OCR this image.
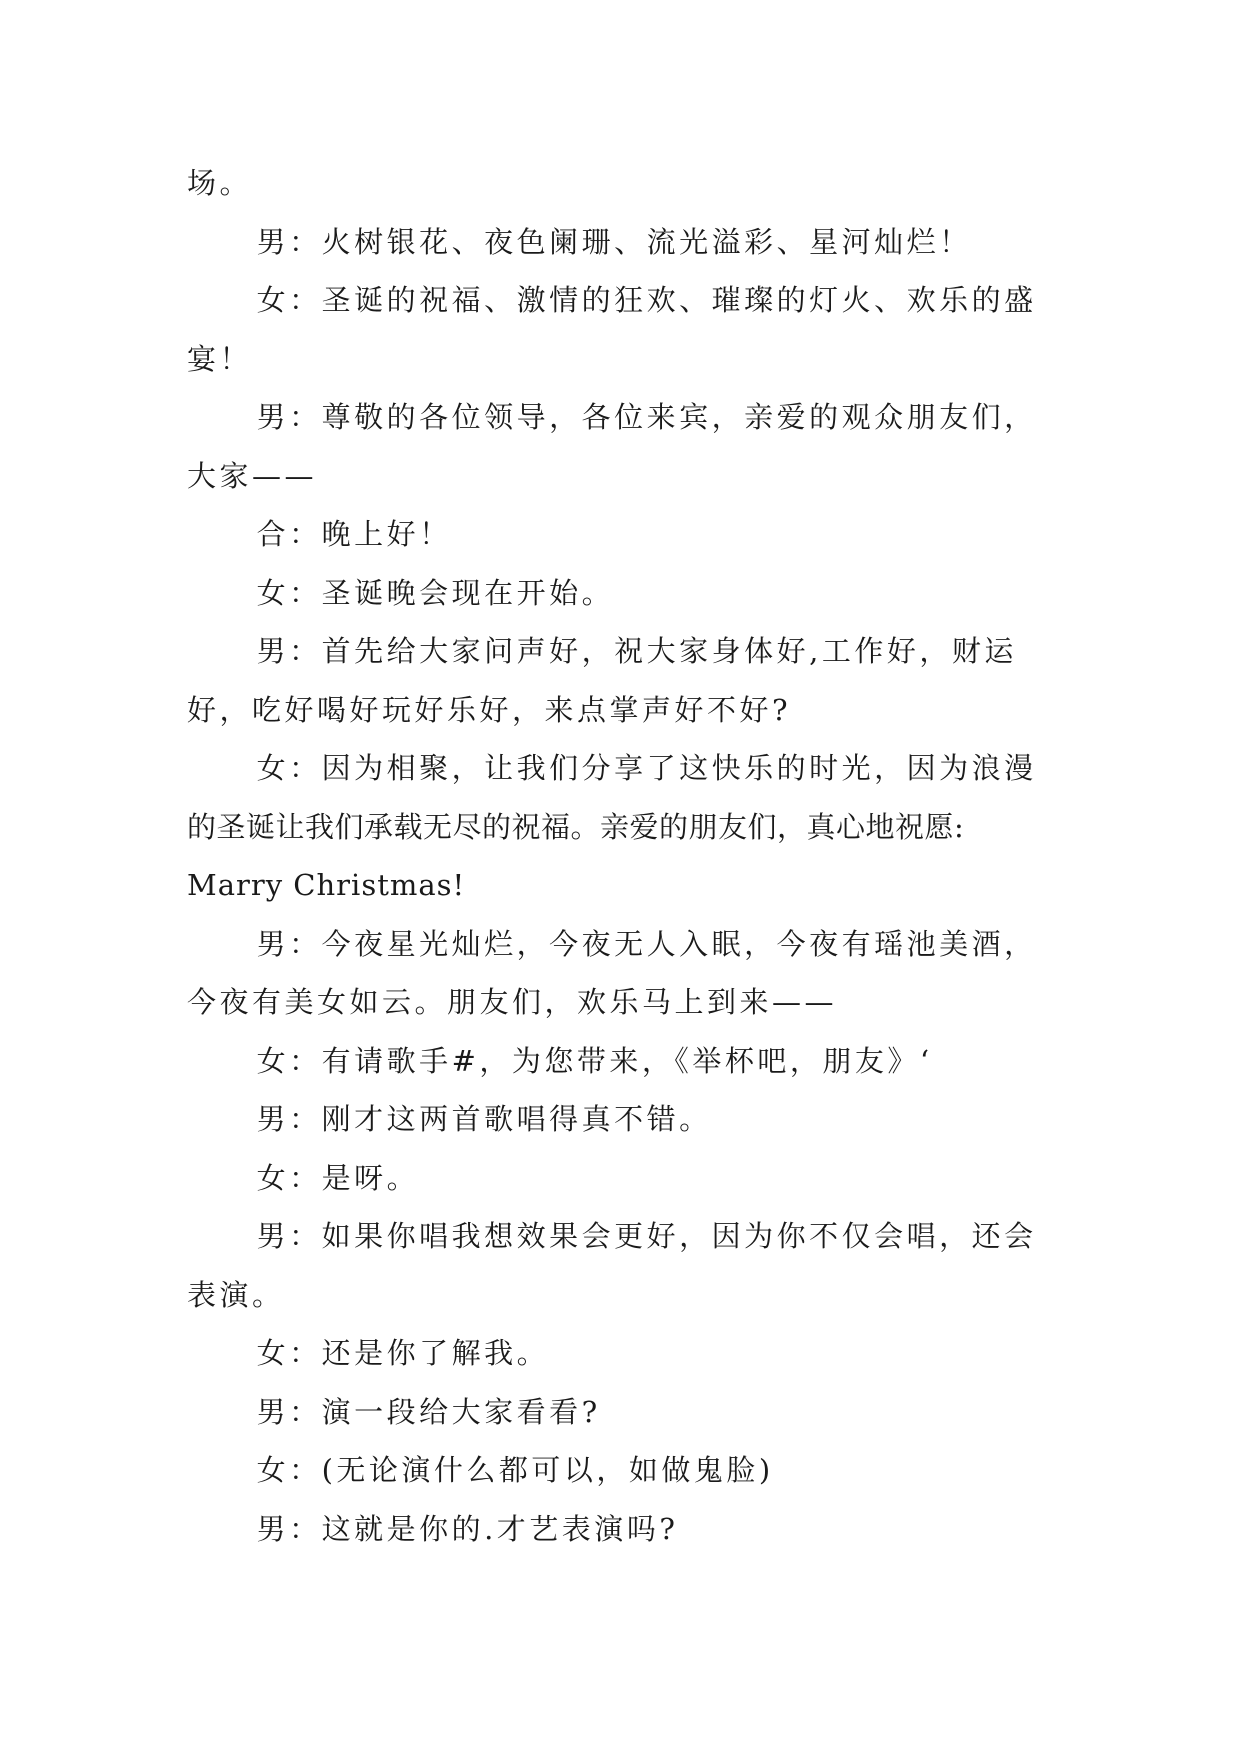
场。

男：火树银花、夜色阑珊、流光溢彩、星河灿烂！

女：圣诞的祝福、激情的狂欢、璀璨的灯火、欢乐的盛

宴！

男：尊敬的各位领导，各位来宾，亲爱的观众朋友们，

大家——

合：晚上好！

女：圣诞晚会现在开始。

男：首先给大家问声好，祝大家身体好,工作好，财运

好，吃好喝好玩好乐好，来点掌声好不好?

女：因为相聚，让我们分享了这快乐的时光，因为浪漫

的圣诞让我们承载无尽的祝福。亲爱的朋友们，真心地祝愿:

Marry Christmas!

男：今夜星光灿烂，今夜无人入眠，今夜有瑶池美酒，

今夜有美女如云。朋友们，欢乐马上到来——

女：有请歌手#，为您带来，《举杯吧，朋友》‘

男：刚才这两首歌唱得真不错。

女：是呀。

男：如果你唱我想效果会更好，因为你不仅会唱，还会

表演。

女：还是你了解我。

男：演一段给大家看看?

女：(无论演什么都可以，如做鬼脸)

男：这就是你的.才艺表演吗?
